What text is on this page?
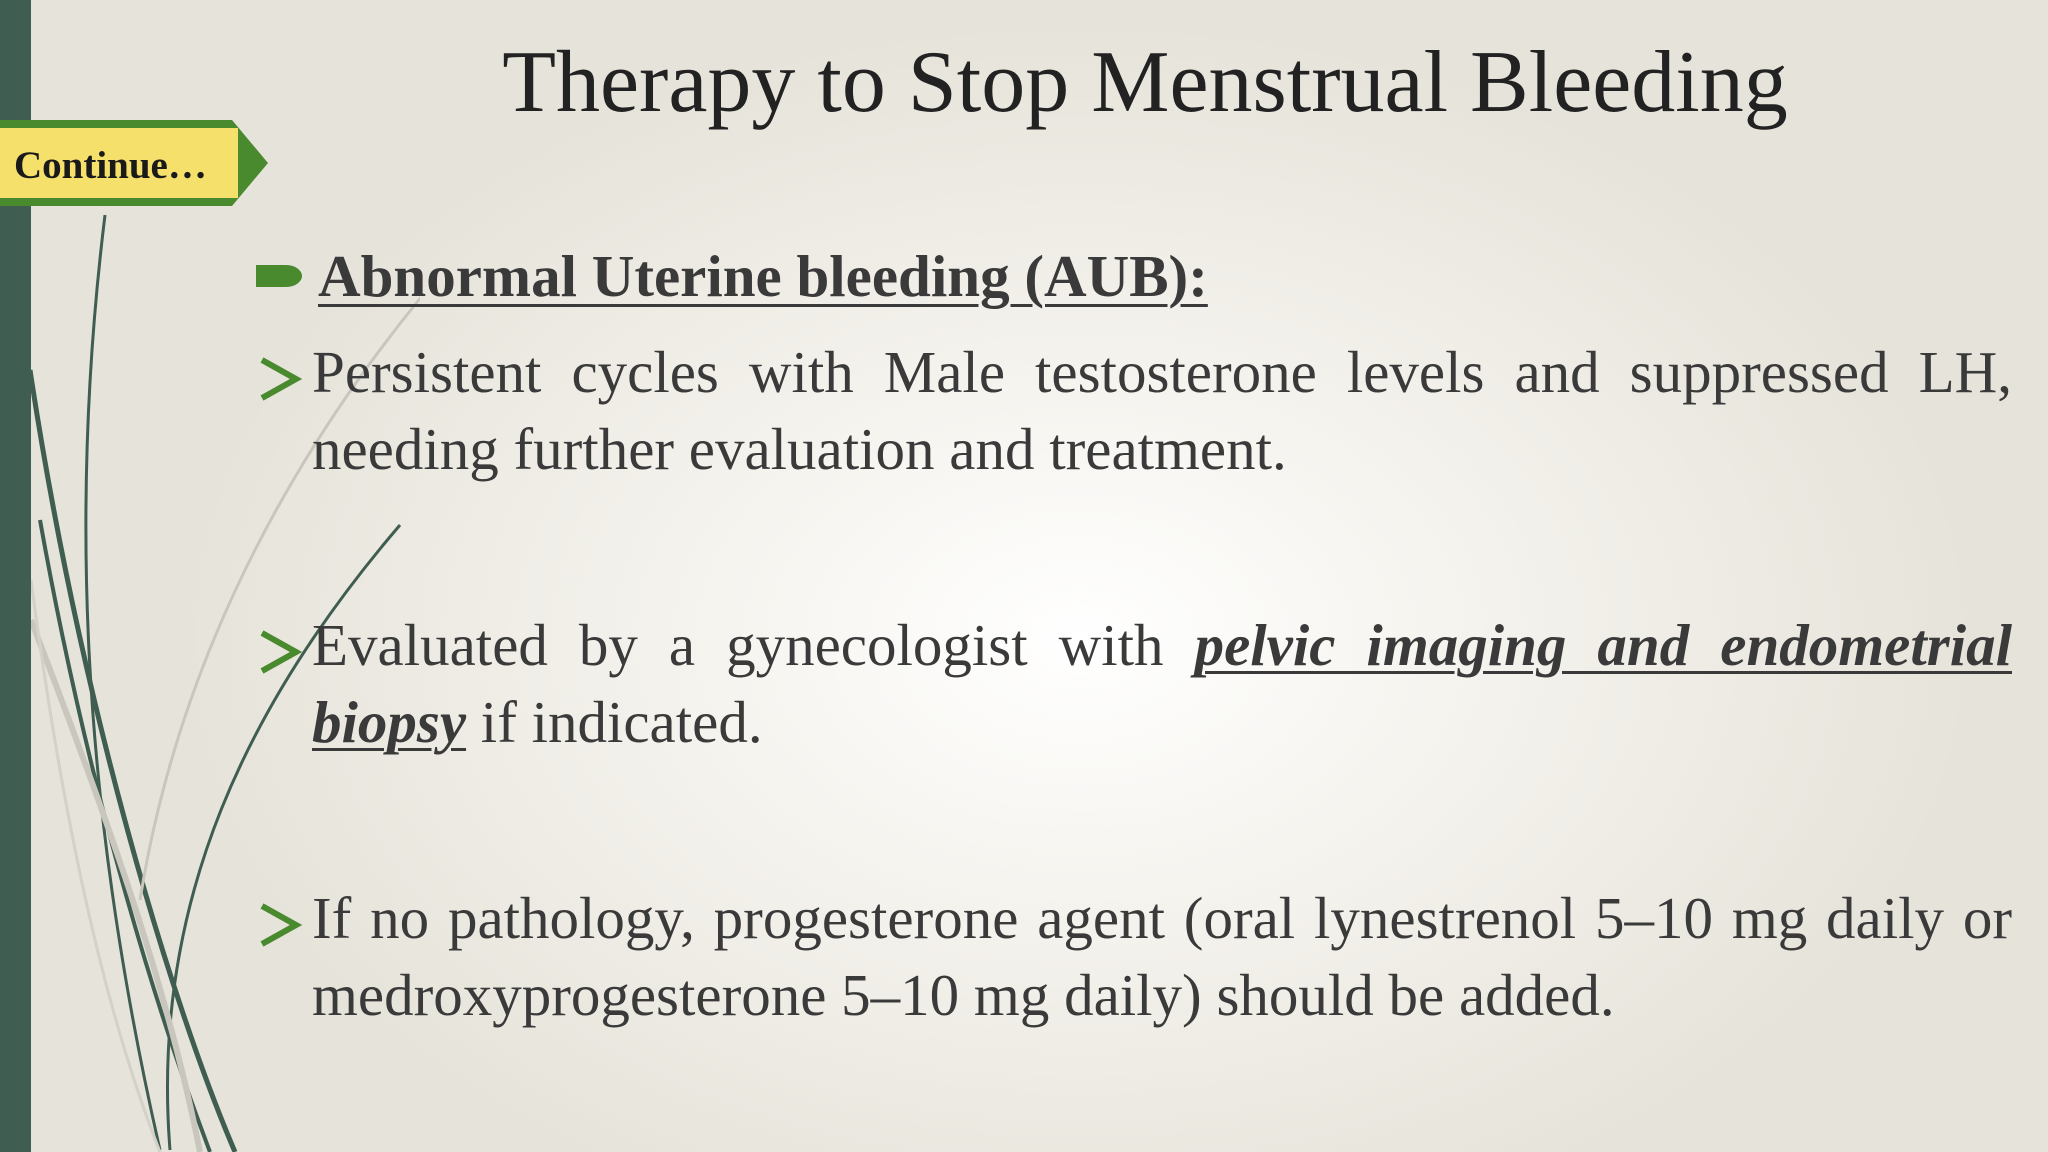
Continue…
Therapy to Stop Menstrual Bleeding
Abnormal Uterine bleeding (AUB):
Persistent cycles with Male testosterone levels and suppressed LH, needing further evaluation and treatment.
Evaluated by a gynecologist with pelvic imaging and endometrial biopsy if indicated.
If no pathology, progesterone agent (oral lynestrenol 5–10 mg daily or medroxyprogesterone 5–10 mg daily) should be added.
